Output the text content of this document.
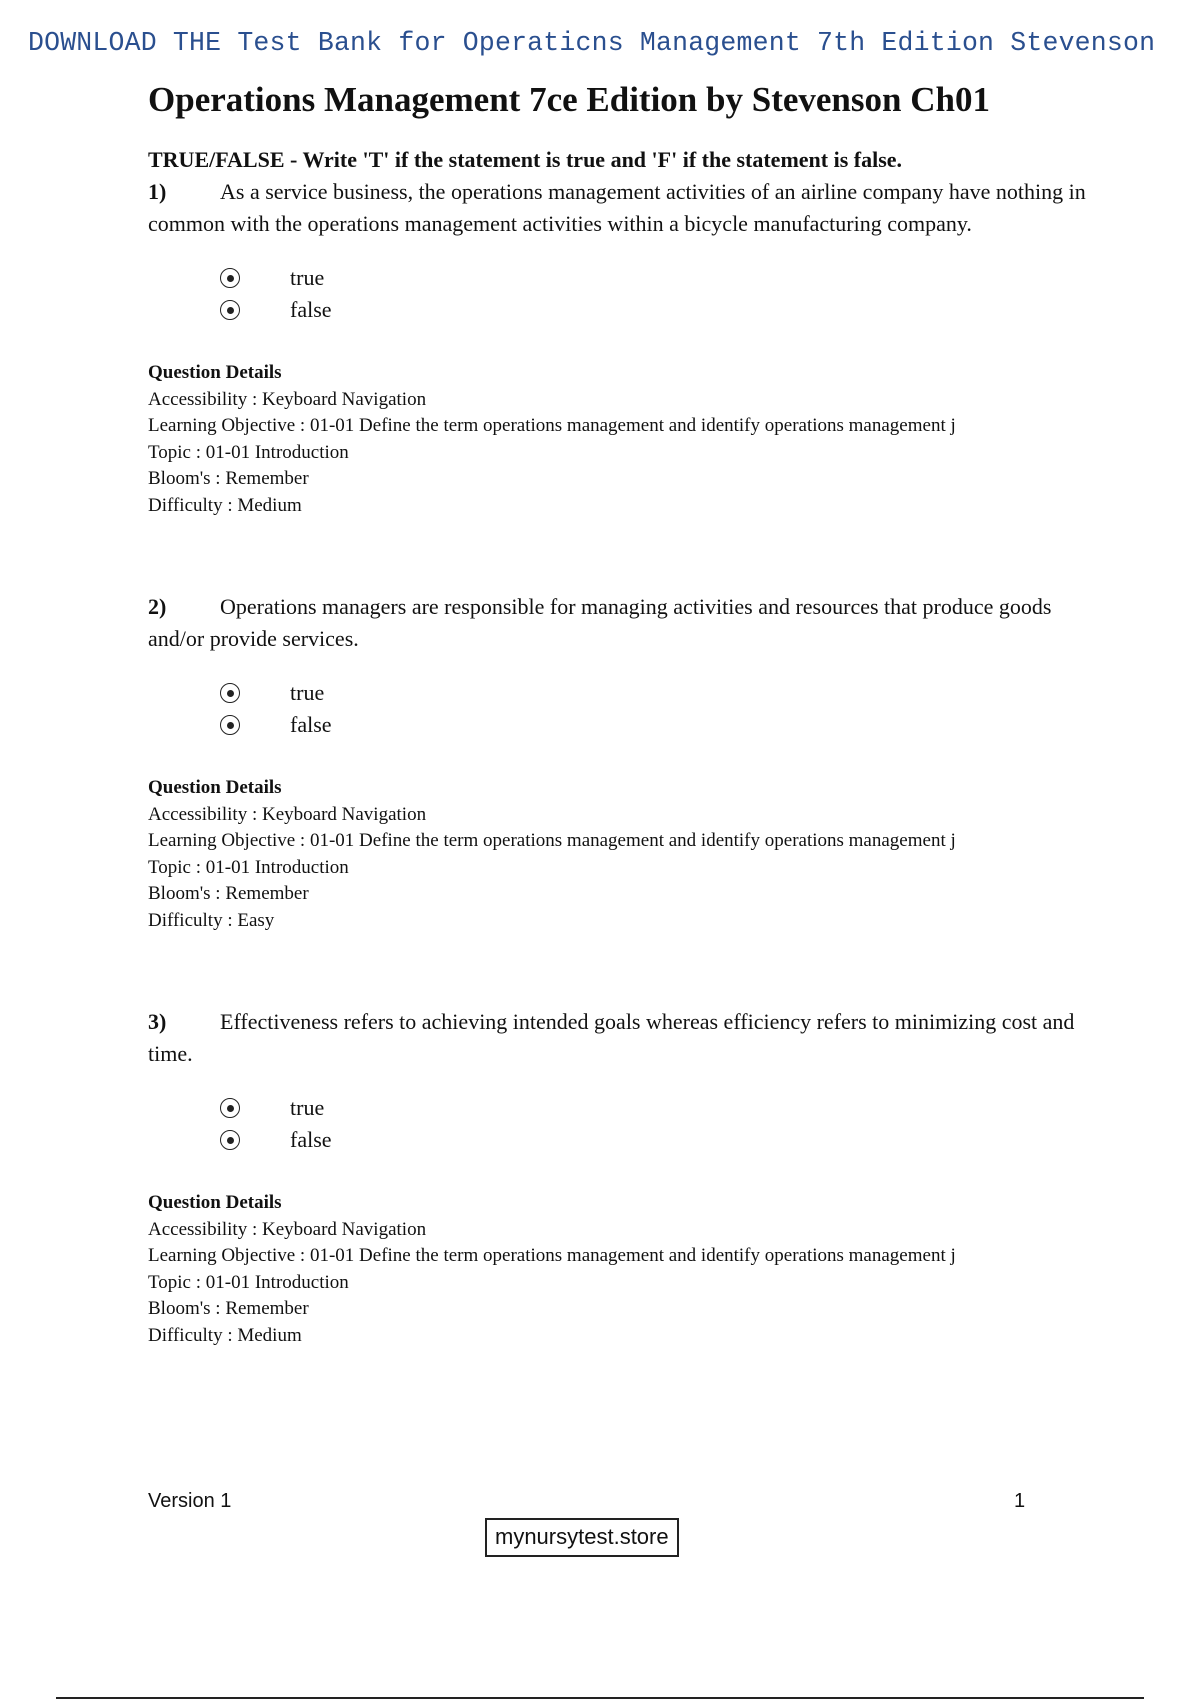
DOWNLOAD THE Test Bank for Operaticns Management 7th Edition Stevenson
Operations Management 7ce Edition by Stevenson Ch01
TRUE/FALSE - Write 'T' if the statement is true and 'F' if the statement is false.

1) As a service business, the operations management activities of an airline company have nothing in common with the operations management activities within a bicycle manufacturing company.

true
false
Question Details
Accessibility : Keyboard Navigation
Learning Objective : 01-01 Define the term operations management and identify operations management j
Topic : 01-01 Introduction
Bloom's : Remember
Difficulty : Medium

2) Operations managers are responsible for managing activities and resources that produce goods and/or provide services.

true
false
Question Details
Accessibility : Keyboard Navigation
Learning Objective : 01-01 Define the term operations management and identify operations management j
Topic : 01-01 Introduction
Bloom's : Remember
Difficulty : Easy

3) Effectiveness refers to achieving intended goals whereas efficiency refers to minimizing cost and time.

true
false
Question Details
Accessibility : Keyboard Navigation
Learning Objective : 01-01 Define the term operations management and identify operations management j
Topic : 01-01 Introduction
Bloom's : Remember
Difficulty : Medium
Version 1	1
mynursytest.store
